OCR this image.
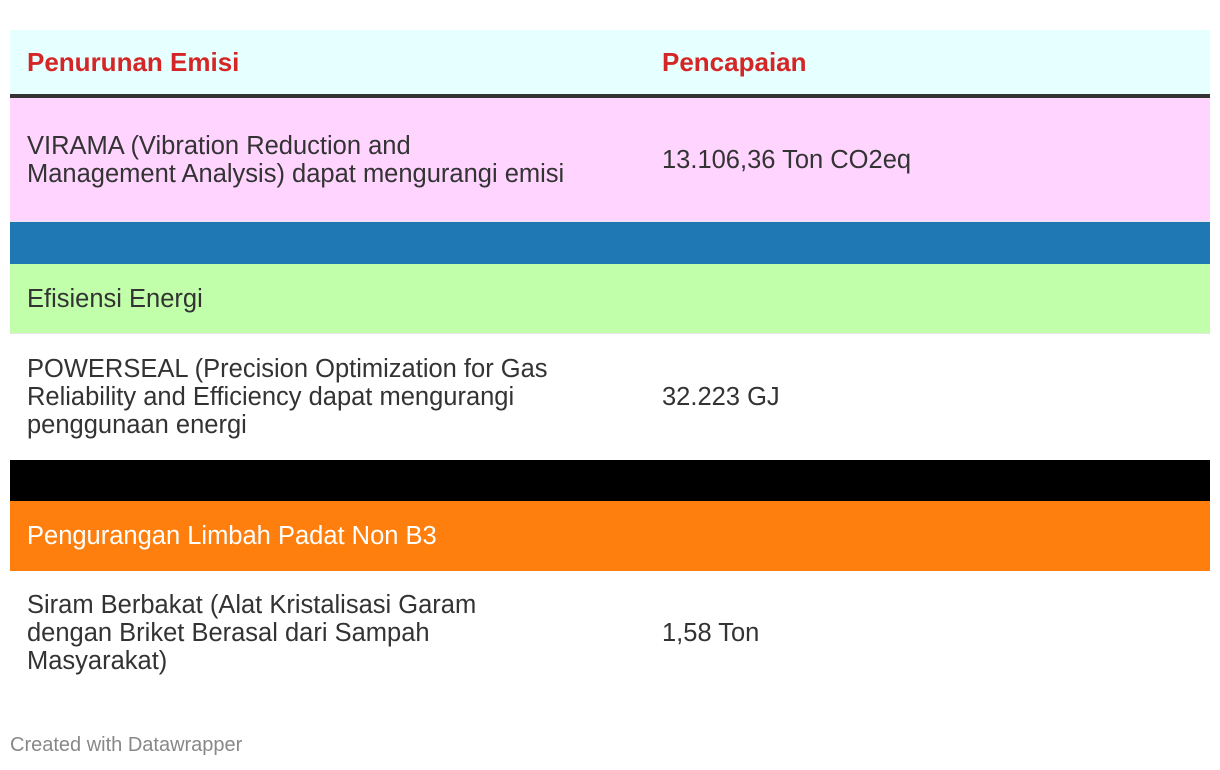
Penurunan Emisi	Pencapaian
VIRAMA (Vibration Reduction and Management Analysis) dapat mengurangi emisi	13.106,36 Ton CO2eq
Efisiensi Energi
POWERSEAL (Precision Optimization for Gas Reliability and Efficiency dapat mengurangi penggunaan energi
32.223 GJ
Pengurangan Limbah Padat Non B3
Siram Berbakat (Alat Kristalisasi Garam dengan Briket Berasal dari Sampah Masyarakat)
1,58 Ton
Created with Datawrapper
